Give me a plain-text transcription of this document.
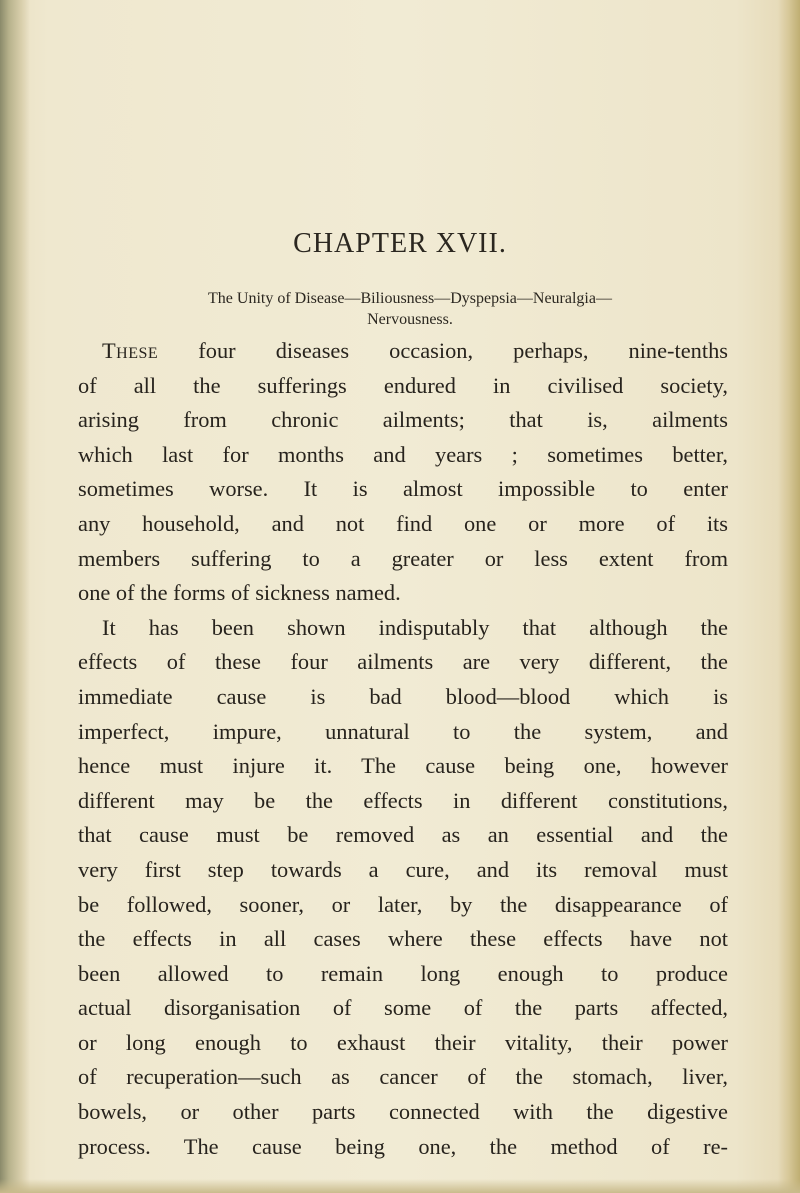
CHAPTER XVII.
The Unity of Disease—Biliousness—Dyspepsia—Neuralgia—
Nervousness.
These four diseases occasion, perhaps, nine-tenths
of all the sufferings endured in civilised society,
arising from chronic ailments; that is, ailments
which last for months and years ; sometimes better,
sometimes worse. It is almost impossible to enter
any household, and not find one or more of its
members suffering to a greater or less extent from
one of the forms of sickness named.
It has been shown indisputably that although the
effects of these four ailments are very different, the
immediate cause is bad blood—blood which is
imperfect, impure, unnatural to the system, and
hence must injure it. The cause being one, however
different may be the effects in different constitutions,
that cause must be removed as an essential and the
very first step towards a cure, and its removal must
be followed, sooner, or later, by the disappearance of
the effects in all cases where these effects have not
been allowed to remain long enough to produce
actual disorganisation of some of the parts affected,
or long enough to exhaust their vitality, their power
of recuperation—such as cancer of the stomach, liver,
bowels, or other parts connected with the digestive
process. The cause being one, the method of re-
